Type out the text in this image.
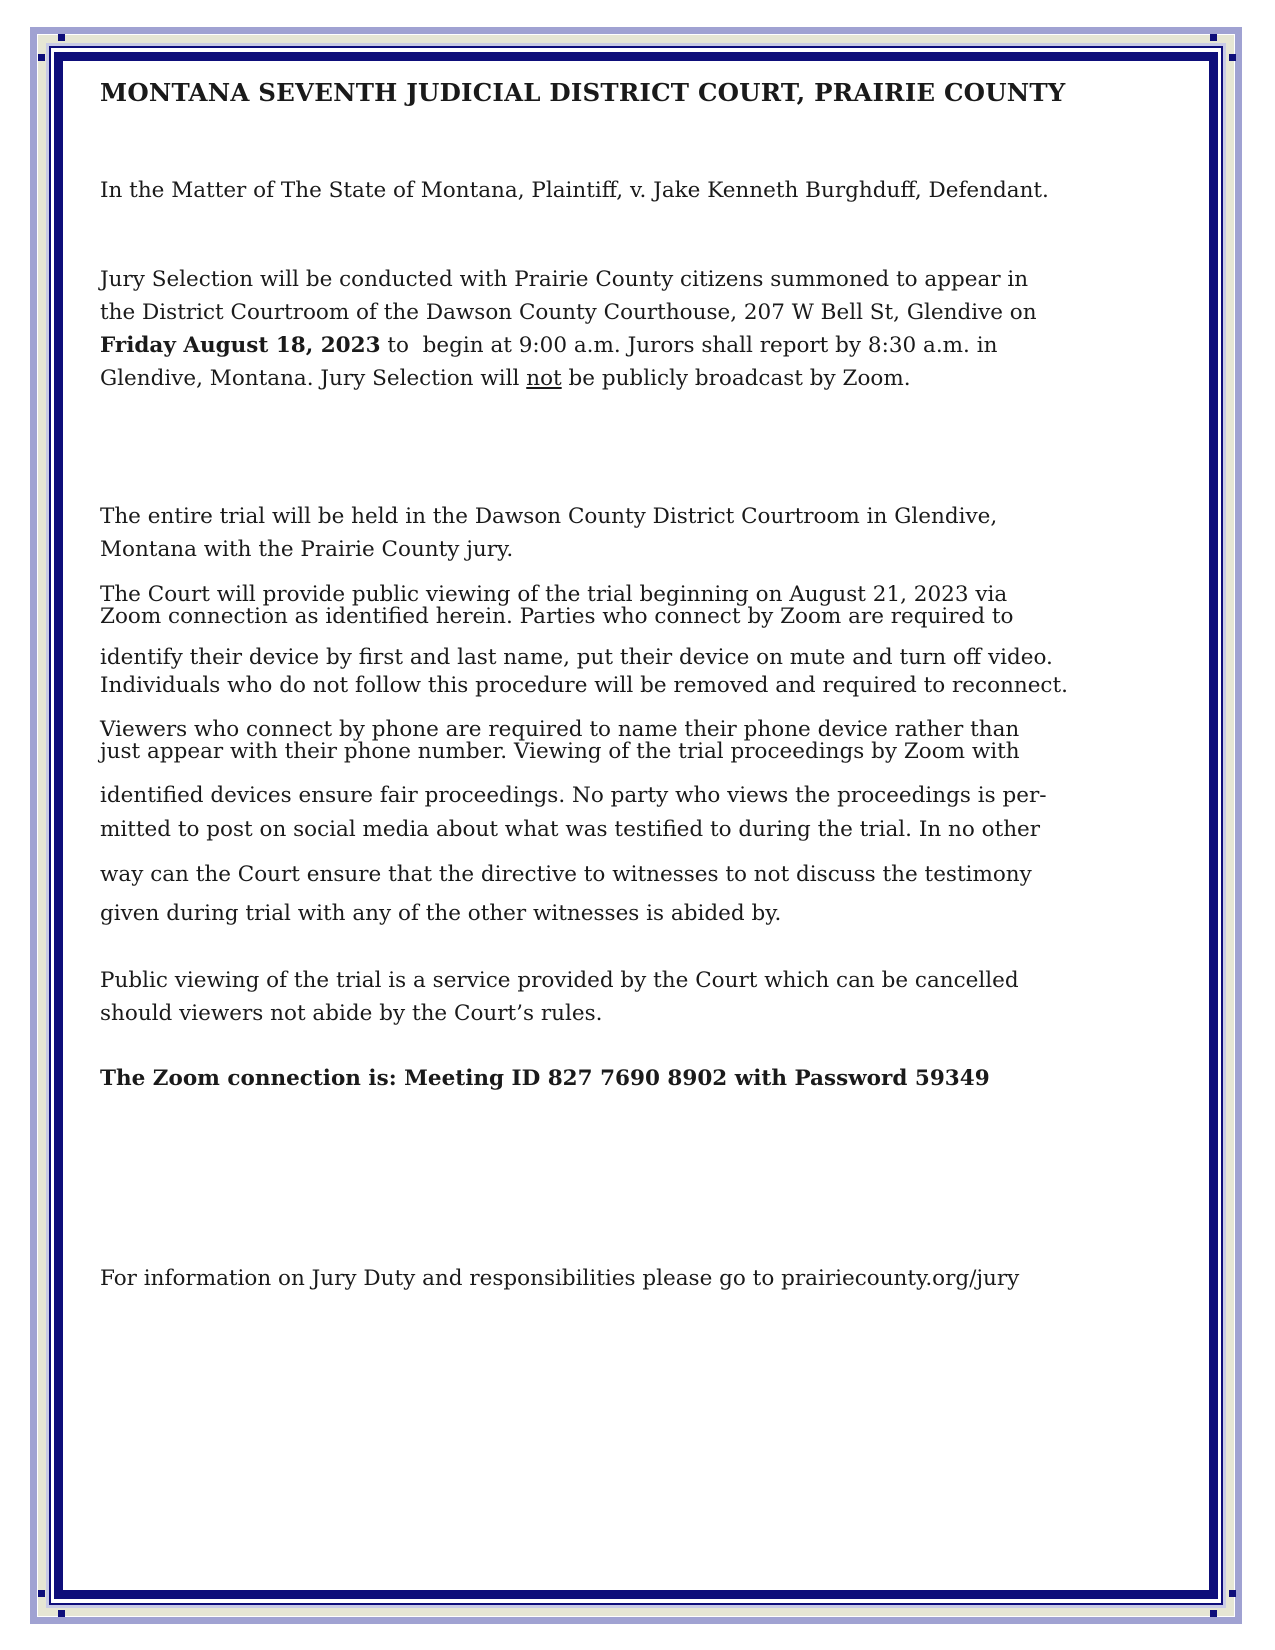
MONTANA SEVENTH JUDICIAL DISTRICT COURT, PRAIRIE COUNTY
In the Matter of The State of Montana, Plaintiff, v. Jake Kenneth Burghduff, Defendant.
Jury Selection will be conducted with Prairie County citizens summoned to appear in
the District Courtroom of the Dawson County Courthouse, 207 W Bell St, Glendive on
Friday August 18, 2023 to  begin at 9:00 a.m. Jurors shall report by 8:30 a.m. in
Glendive, Montana. Jury Selection will not be publicly broadcast by Zoom.
The entire trial will be held in the Dawson County District Courtroom in Glendive,
Montana with the Prairie County jury.
The Court will provide public viewing of the trial beginning on August 21, 2023 via
Zoom connection as identified herein. Parties who connect by Zoom are required to
identify their device by first and last name, put their device on mute and turn off video.
Individuals who do not follow this procedure will be removed and required to reconnect.
Viewers who connect by phone are required to name their phone device rather than
just appear with their phone number. Viewing of the trial proceedings by Zoom with
identified devices ensure fair proceedings. No party who views the proceedings is per-
mitted to post on social media about what was testified to during the trial. In no other
way can the Court ensure that the directive to witnesses to not discuss the testimony
given during trial with any of the other witnesses is abided by.
Public viewing of the trial is a service provided by the Court which can be cancelled
should viewers not abide by the Court’s rules.
The Zoom connection is: Meeting ID 827 7690 8902 with Password 59349
For information on Jury Duty and responsibilities please go to prairiecounty.org/jury
